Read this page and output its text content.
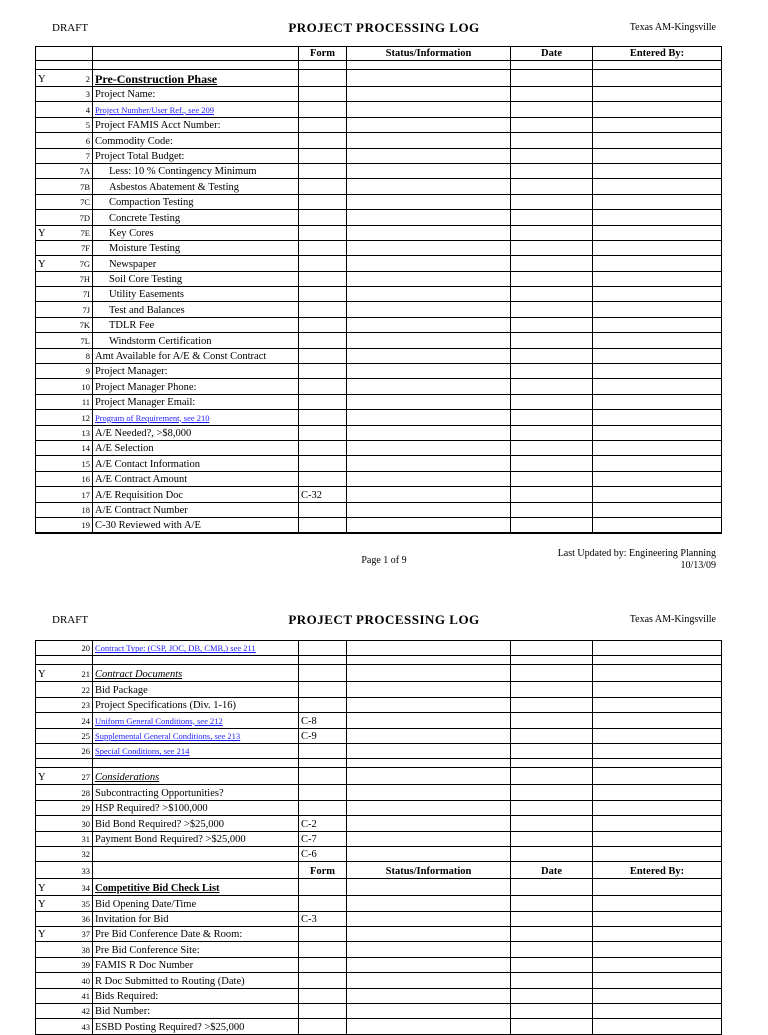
DRAFT	PROJECT PROCESSING LOG	Texas AM-Kingsville
			Form	Status/Information	Date	Entered By:

Y	2	Pre-Construction Phase				
	3	Project Name:				
	4	Project Number/User Ref., see 209				
	5	Project FAMIS Acct Number:				
	6	Commodity Code:				
	7	Project Total Budget:				
	7A	Less: 10 % Contingency Minimum				
	7B	Asbestos Abatement & Testing				
	7C	Compaction Testing				
	7D	Concrete Testing				
Y	7E	Key Cores				
	7F	Moisture Testing				
Y	7G	Newspaper				
	7H	Soil Core Testing				
	7I	Utility Easements				
	7J	Test and Balances				
	7K	TDLR Fee				
	7L	Windstorm Certification				
	8	Amt Available for A/E & Const Contract				
	9	Project Manager:				
	10	Project Manager Phone:				
	11	Project Manager Email:				
	12	Program of Requirement, see 210				
	13	A/E Needed?, >$8,000				
	14	A/E Selection				
	15	A/E Contact Information				
	16	A/E Contract Amount				
	17	A/E Requisition Doc	C-32			
	18	A/E Contract Number				
	19	C-30 Reviewed with A/E				
Page 1 of 9
Last Updated by: Engineering Planning
10/13/09
DRAFT	PROJECT PROCESSING LOG	Texas AM-Kingsville
	20	Contract Type: (CSP, JOC, DB, CMR,) see 211				

Y	21	Contract Documents				
	22	Bid Package				
	23	Project Specifications (Div. 1-16)				
	24	Uniform General Conditions, see 212	C-8			
	25	Supplemental General Conditions, see 213	C-9			
	26	Special Conditions, see 214				

Y	27	Considerations				
	28	Subcontracting Opportunities?				
	29	HSP Required? >$100,000				
	30	Bid Bond Required? >$25,000	C-2			
	31	Payment Bond Required? >$25,000	C-7			
	32		C-6			
	33		Form	Status/Information	Date	Entered By:
Y	34	Competitive Bid Check List				
Y	35	Bid Opening Date/Time				
	36	Invitation for Bid	C-3			
Y	37	Pre Bid Conference Date & Room:				
	38	Pre Bid Conference Site:				
	39	FAMIS R Doc Number				
	40	R Doc Submitted to Routing (Date)				
	41	Bids Required:				
	42	Bid Number:				
	43	ESBD Posting Required? >$25,000				
